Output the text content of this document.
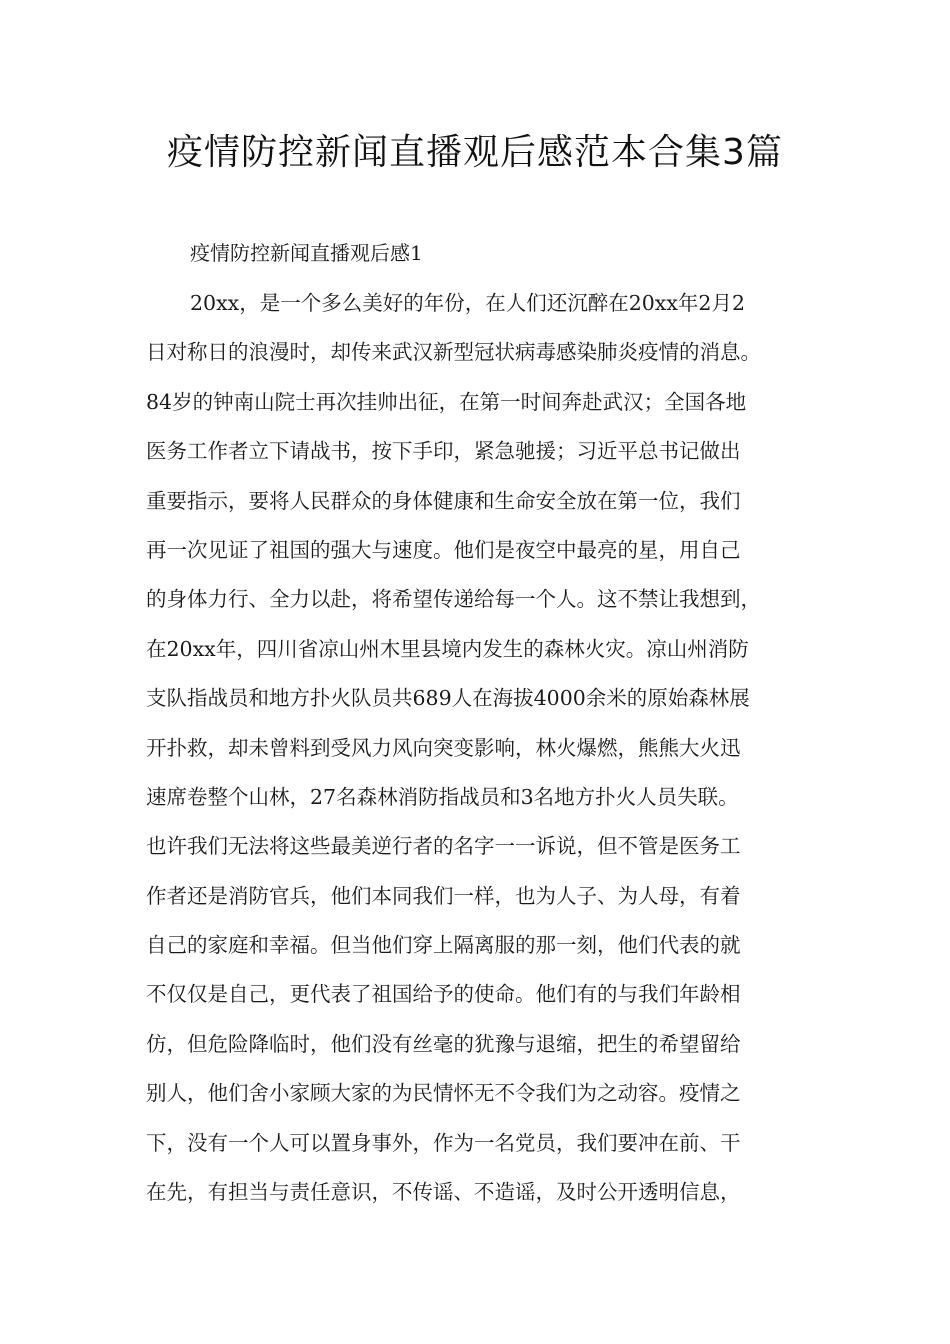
疫情防控新闻直播观后感范本合集3篇

疫情防控新闻直播观后感1

20xx，是一个多么美好的年份，在人们还沉醉在20xx年2月2
日对称日的浪漫时，却传来武汉新型冠状病毒感染肺炎疫情的消息。
84岁的钟南山院士再次挂帅出征，在第一时间奔赴武汉；全国各地
医务工作者立下请战书，按下手印，紧急驰援；习近平总书记做出
重要指示，要将人民群众的身体健康和生命安全放在第一位，我们
再一次见证了祖国的强大与速度。他们是夜空中最亮的星，用自己
的身体力行、全力以赴，将希望传递给每一个人。这不禁让我想到，
在20xx年，四川省凉山州木里县境内发生的森林火灾。凉山州消防
支队指战员和地方扑火队员共689人在海拔4000余米的原始森林展
开扑救，却未曾料到受风力风向突变影响，林火爆燃，熊熊大火迅
速席卷整个山林，27名森林消防指战员和3名地方扑火人员失联。
也许我们无法将这些最美逆行者的名字一一诉说，但不管是医务工
作者还是消防官兵，他们本同我们一样，也为人子、为人母，有着
自己的家庭和幸福。但当他们穿上隔离服的那一刻，他们代表的就
不仅仅是自己，更代表了祖国给予的使命。他们有的与我们年龄相
仿，但危险降临时，他们没有丝毫的犹豫与退缩，把生的希望留给
别人，他们舍小家顾大家的为民情怀无不令我们为之动容。疫情之
下，没有一个人可以置身事外，作为一名党员，我们要冲在前、干
在先，有担当与责任意识，不传谣、不造谣，及时公开透明信息，
